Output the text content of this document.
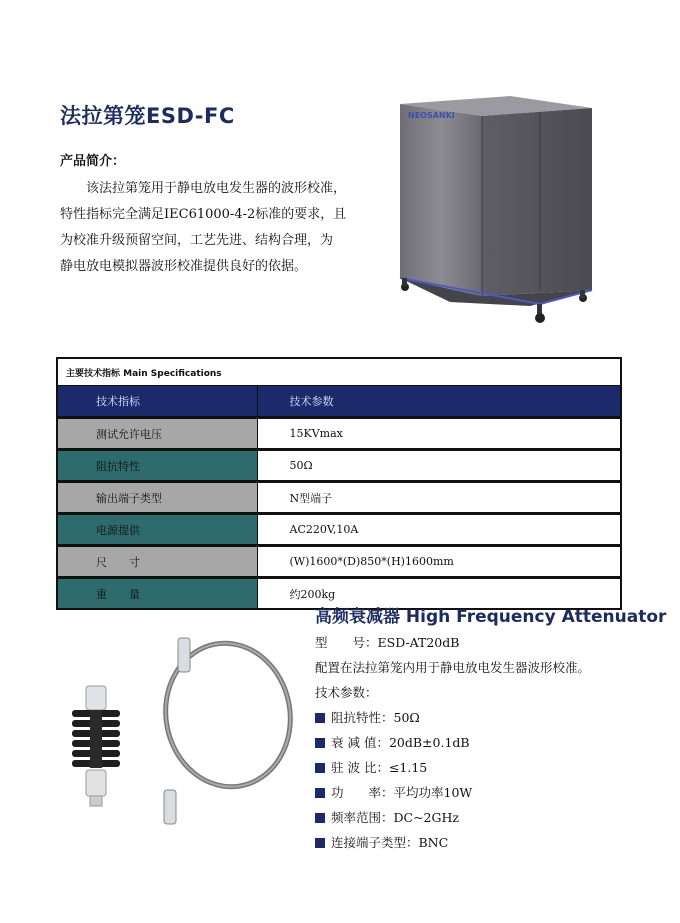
法拉第笼ESD-FC
产品简介：
该法拉第笼用于静电放电发生器的波形校准，
特性指标完全满足IEC61000-4-2标准的要求，且
为校准升级预留空间，工艺先进、结构合理，为
静电放电模拟器波形校准提供良好的依据。
NEOSANKI
主要技术指标 Main Specifications	
技术指标	技术参数
测试允许电压	15KVmax
阻抗特性	50Ω
输出端子类型	N型端子
电源提供	AC220V,10A
尺　　寸	(W)1600*(D)850*(H)1600mm
重　　量	约200kg
高频衰减器 High Frequency Attenuator
型　　号：ESD-AT20dB
配置在法拉第笼内用于静电放电发生器波形校准。
技术参数：
阻抗特性：50Ω
衰 减 值：20dB±0.1dB
驻 波 比：≤1.15
功　　率：平均功率10W
频率范围：DC~2GHz
连接端子类型：BNC
